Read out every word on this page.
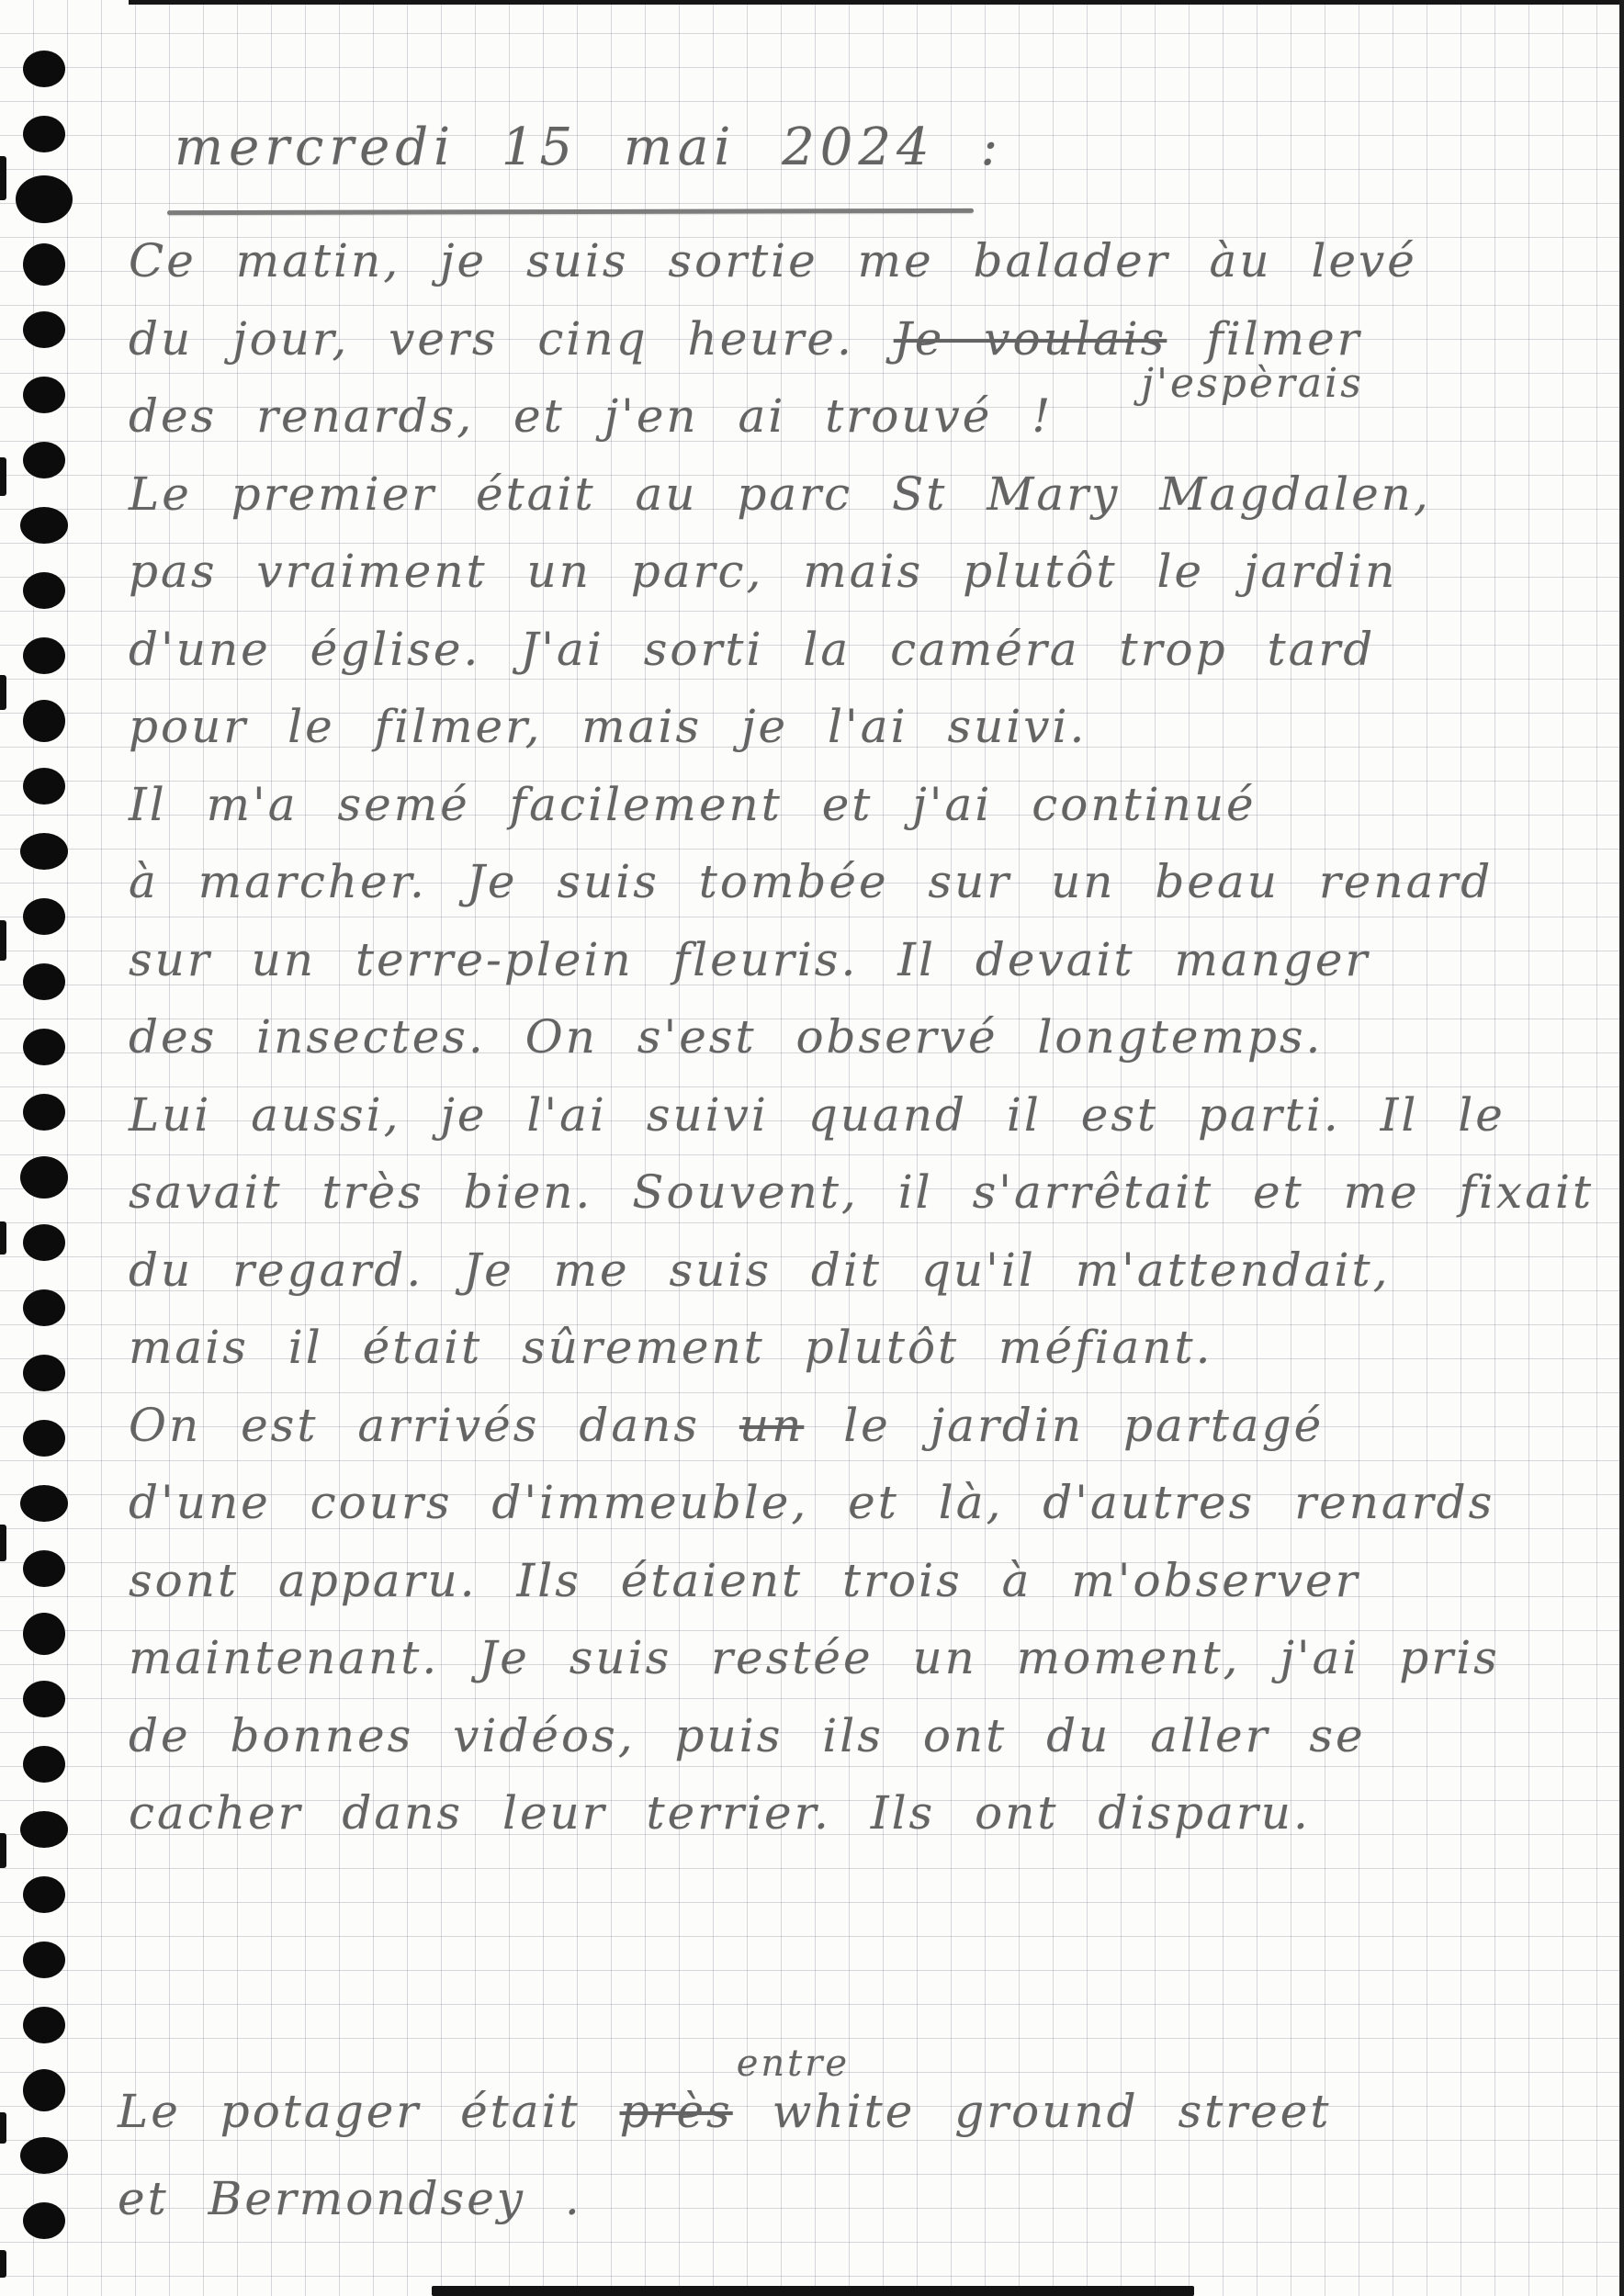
mercredi 15 mai 2024 :
Ce matin, je suis sortie me balader àu levé
du jour, vers cinq heure. Je voulaisj'espèrais filmer
des renards, et j'en ai trouvé !
Le premier était au parc St Mary Magdalen,
pas vraiment un parc, mais plutôt le jardin
d'une église. J'ai sorti la caméra trop tard
pour le filmer, mais je l'ai suivi.
Il m'a semé facilement et j'ai continué
à marcher. Je suis tombée sur un beau renard
sur un terre-plein fleuris. Il devait manger
des insectes. On s'est observé longtemps.
Lui aussi, je l'ai suivi quand il est parti. Il le
savait très bien. Souvent, il s'arrêtait et me fixait
du regard. Je me suis dit qu'il m'attendait,
mais il était sûrement plutôt méfiant.
On est arrivés dans un le jardin partagé
d'une cours d'immeuble, et là, d'autres renards
sont apparu. Ils étaient trois à m'observer
maintenant. Je suis restée un moment, j'ai pris
de bonnes vidéos, puis ils ont du aller se
cacher dans leur terrier. Ils ont disparu.
Le potager était prèsentre white ground street
et Bermondsey .
